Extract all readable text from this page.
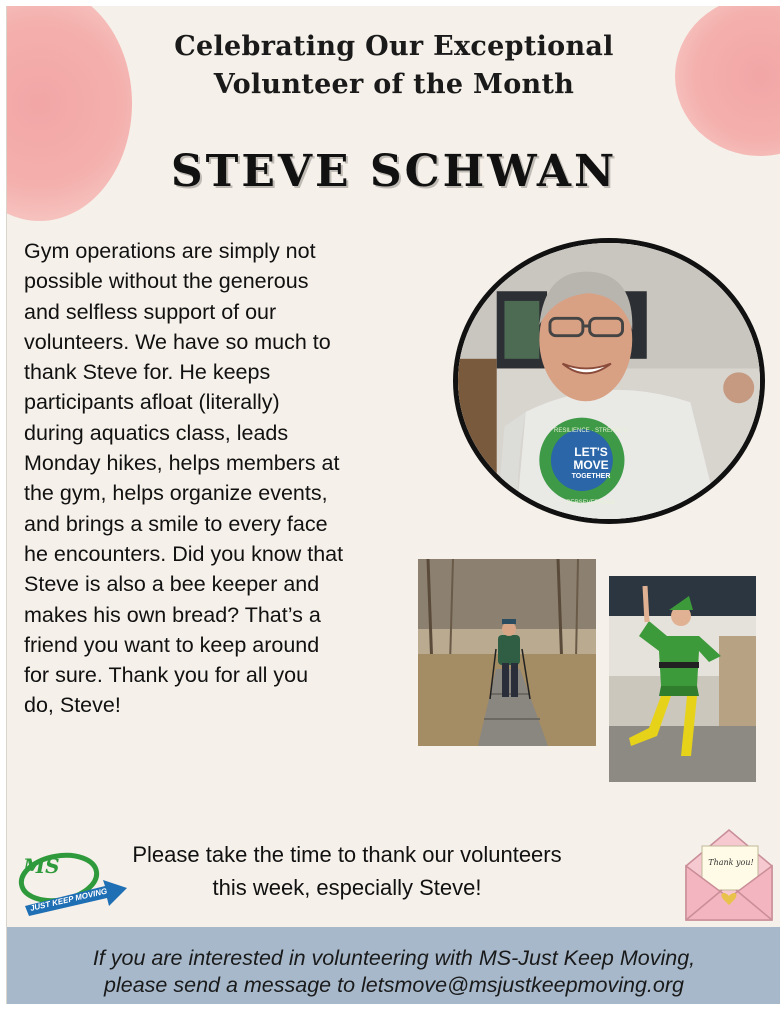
Celebrating Our Exceptional
Volunteer of the Month
STEVE SCHWAN
Gym operations are simply not
possible without the generous
and selfless support of our
volunteers. We have so much to
thank Steve for. He keeps
participants afloat (literally)
during aquatics class, leads
Monday hikes, helps members at
the gym, helps organize events,
and brings a smile to every face
he encounters. Did you know that
Steve is also a bee keeper and
makes his own bread? That’s a
friend you want to keep around
for sure. Thank you for all you
do, Steve!
LET'S
MOVE
TOGETHER
RESILIENCE · STRENGTH
PERSEVERANCE
MS
JUST KEEP MOVING
Please take the time to thank our volunteers
this week, especially Steve!
Thank you!
If you are interested in volunteering with MS-Just Keep Moving,
please send a message to letsmove@msjustkeepmoving.org
